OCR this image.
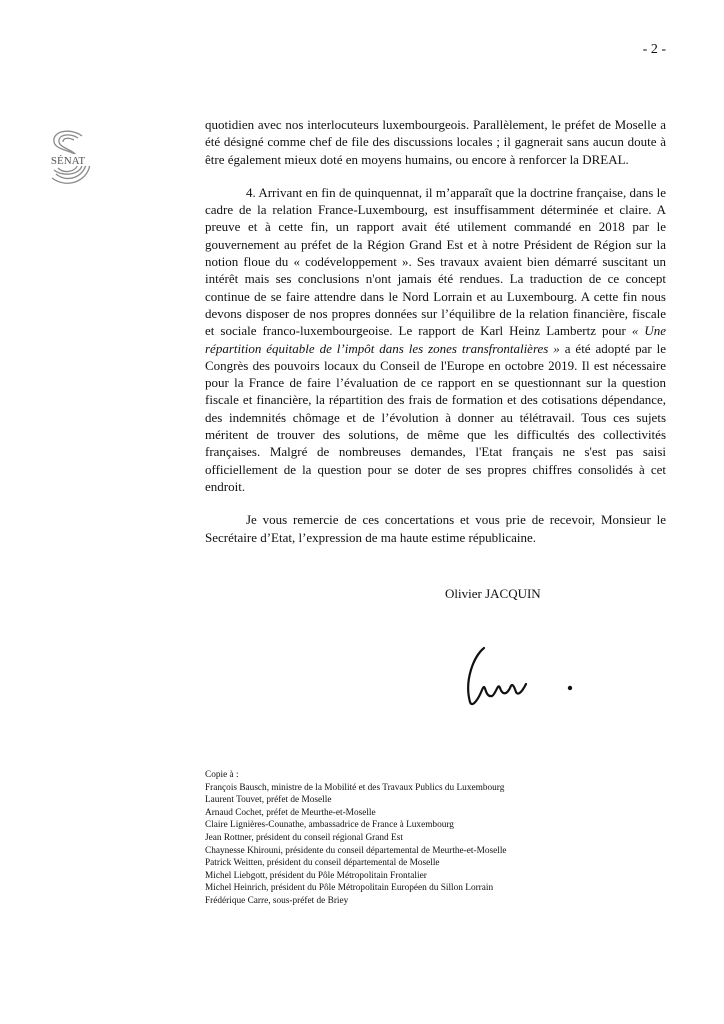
- 2 -
SÉNAT

quotidien avec nos interlocuteurs luxembourgeois. Parallèlement, le préfet de Moselle a été désigné comme chef de file des discussions locales ; il gagnerait sans aucun doute à être également mieux doté en moyens humains, ou encore à renforcer la DREAL.

4. Arrivant en fin de quinquennat, il m’apparaît que la doctrine française, dans le cadre de la relation France-Luxembourg, est insuffisamment déterminée et claire. A preuve et à cette fin, un rapport avait été utilement commandé en 2018 par le gouvernement au préfet de la Région Grand Est et à notre Président de Région sur la notion floue du « codéveloppement ». Ses travaux avaient bien démarré suscitant un intérêt mais ses conclusions n'ont jamais été rendues. La traduction de ce concept continue de se faire attendre dans le Nord Lorrain et au Luxembourg. A cette fin nous devons disposer de nos propres données sur l’équilibre de la relation financière, fiscale et sociale franco-luxembourgeoise. Le rapport de Karl Heinz Lambertz pour « Une répartition équitable de l’impôt dans les zones transfrontalières » a été adopté par le Congrès des pouvoirs locaux du Conseil de l'Europe en octobre 2019. Il est nécessaire pour la France de faire l’évaluation de ce rapport en se questionnant sur la question fiscale et financière, la répartition des frais de formation et des cotisations dépendance, des indemnités chômage et de l’évolution à donner au télétravail. Tous ces sujets méritent de trouver des solutions, de même que les difficultés des collectivités françaises. Malgré de nombreuses demandes, l'Etat français ne s'est pas saisi officiellement de la question pour se doter de ses propres chiffres consolidés à cet endroit.

Je vous remercie de ces concertations et vous prie de recevoir, Monsieur le Secrétaire d’Etat, l’expression de ma haute estime républicaine.

Olivier JACQUIN
Copie à :
François Bausch, ministre de la Mobilité et des Travaux Publics du Luxembourg
Laurent Touvet, préfet de Moselle
Arnaud Cochet, préfet de Meurthe-et-Moselle
Claire Lignières-Counathe, ambassadrice de France à Luxembourg
Jean Rottner, président du conseil régional Grand Est
Chaynesse Khirouni, présidente du conseil départemental de Meurthe-et-Moselle
Patrick Weitten, président du conseil départemental de Moselle
Michel Liebgott, président du Pôle Métropolitain Frontalier
Michel Heinrich, président du Pôle Métropolitain Européen du Sillon Lorrain
Frédérique Carre, sous-préfet de Briey
